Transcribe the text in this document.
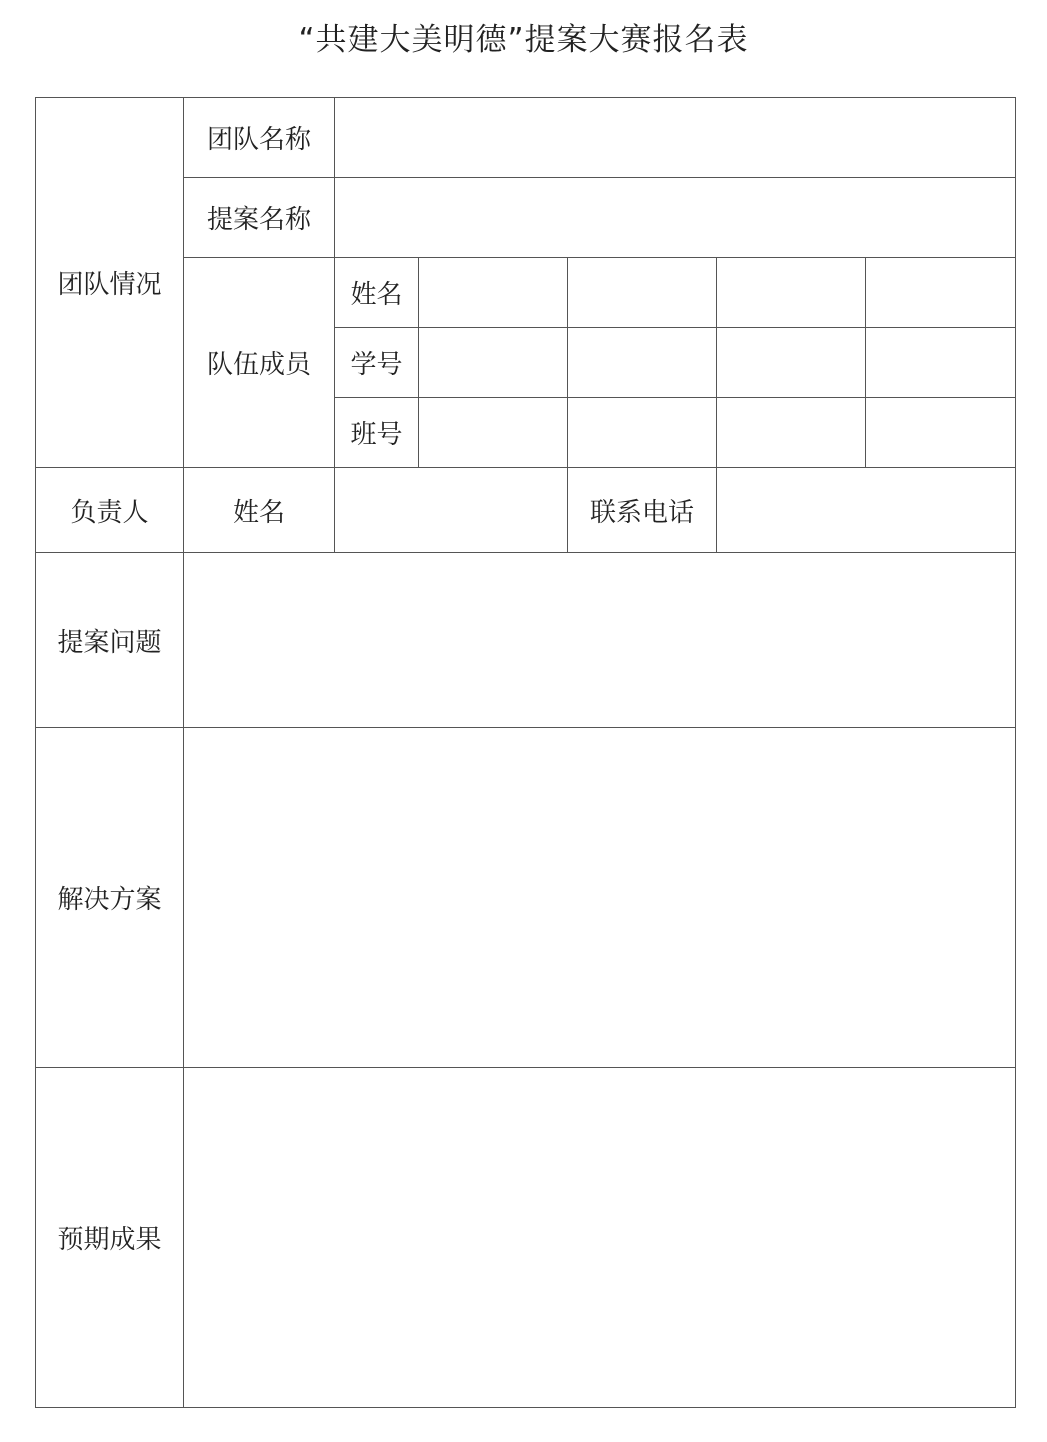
“共建大美明德”提案大赛报名表
团队情况	团队名称					
	提案名称					
	队伍成员	姓名				
		学号				
		班号				
负责人	姓名			联系电话		
提案问题						
解决方案						
预期成果						
